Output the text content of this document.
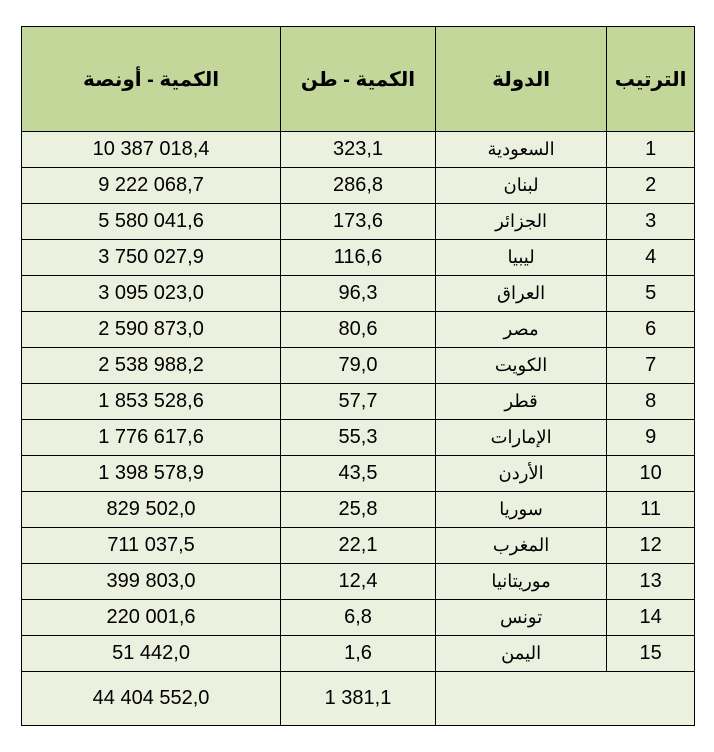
الكمية - أونصة	الكمية - طن	الدولة	الترتيب
10 387 018,4	323,1	السعودية	1
9 222 068,7	286,8	لبنان	2
5 580 041,6	173,6	الجزائر	3
3 750 027,9	116,6	ليبيا	4
3 095 023,0	96,3	العراق	5
2 590 873,0	80,6	مصر	6
2 538 988,2	79,0	الكويت	7
1 853 528,6	57,7	قطر	8
1 776 617,6	55,3	الإمارات	9
1 398 578,9	43,5	الأردن	10
829 502,0	25,8	سوريا	11
711 037,5	22,1	المغرب	12
399 803,0	12,4	موريتانيا	13
220 001,6	6,8	تونس	14
51 442,0	1,6	اليمن	15
44 404 552,0	1 381,1		
